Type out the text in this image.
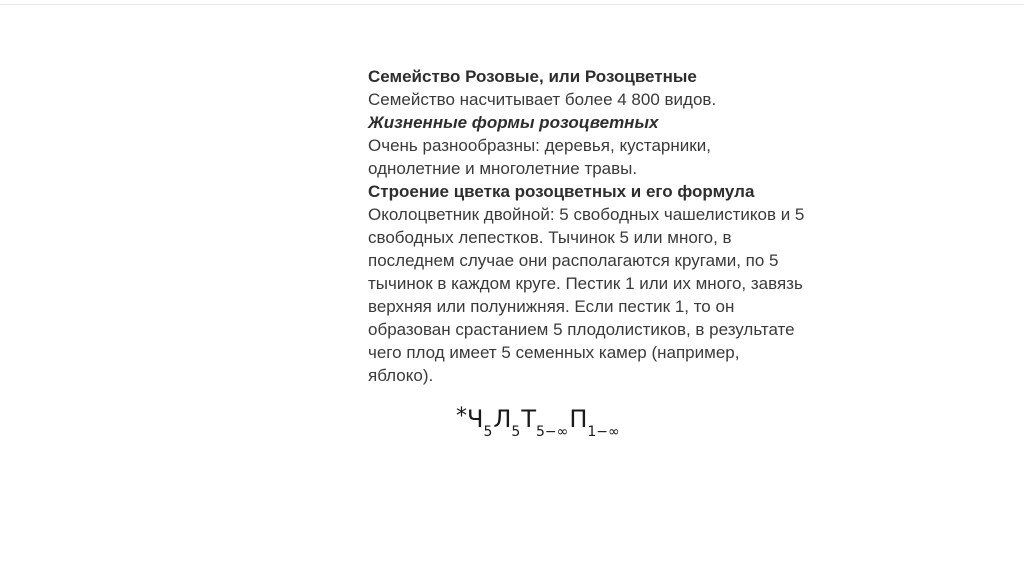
Семейство Розовые, или Розоцветные

Семейство насчитывает более 4 800 видов.

Жизненные формы розоцветных

Очень разнообразны: деревья, кустарники,

однолетние и многолетние травы.

Строение цветка розоцветных и его формула

Околоцветник двойной: 5 свободных чашелистиков и 5

свободных лепестков. Тычинок 5 или много, в

последнем случае они располагаются кругами, по 5

тычинок в каждом круге. Пестик 1 или их много, завязь

верхняя или полунижняя. Если пестик 1, то он

образован срастанием 5 плодолистиков, в результате

чего плод имеет 5 семенных камер (например,

яблоко).

*Ч5Л5Т5−∞П1−∞
